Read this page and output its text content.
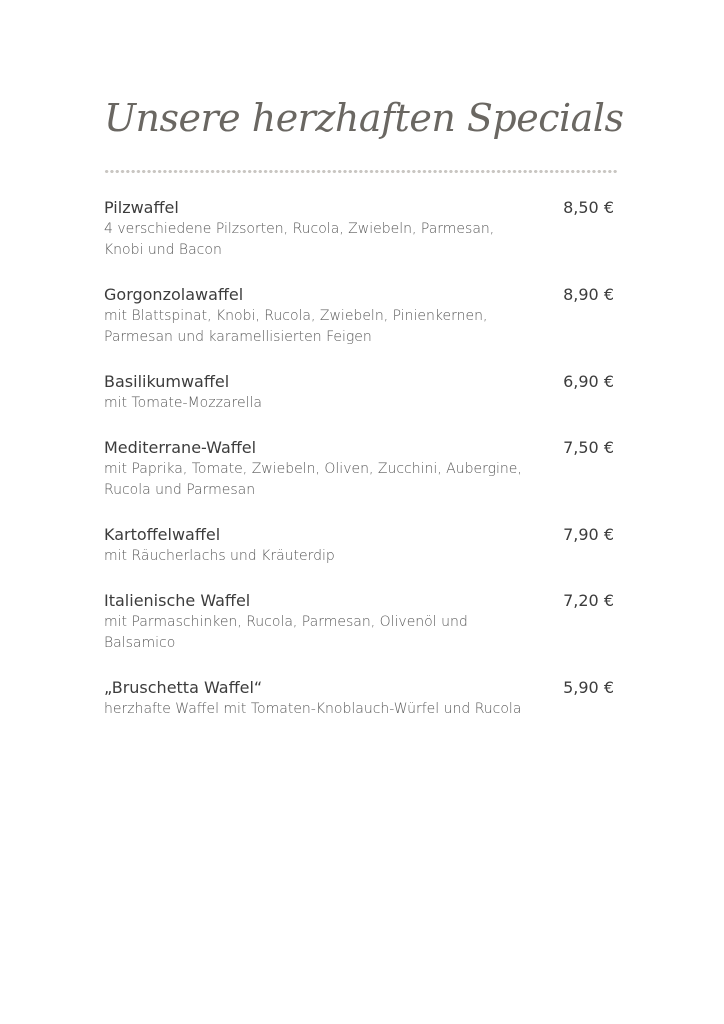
Unsere herzhaften Specials
Pilzwaffel	8,50 €
4 verschiedene Pilzsorten, Rucola, Zwiebeln, Parmesan, Knobi und Bacon
Gorgonzolawaffel	8,90 €
mit Blattspinat, Knobi, Rucola, Zwiebeln, Pinienkernen, Parmesan und karamellisierten Feigen
Basilikumwaffel	6,90 €
mit Tomate-Mozzarella
Mediterrane-Waffel	7,50 €
mit Paprika, Tomate, Zwiebeln, Oliven, Zucchini, Aubergine, Rucola und Parmesan
Kartoffelwaffel	7,90 €
mit Räucherlachs und Kräuterdip
Italienische Waffel	7,20 €
mit Parmaschinken, Rucola, Parmesan, Olivenöl und Balsamico
„Bruschetta Waffel“	5,90 €
herzhafte Waffel mit Tomaten-Knoblauch-Würfel und Rucola
